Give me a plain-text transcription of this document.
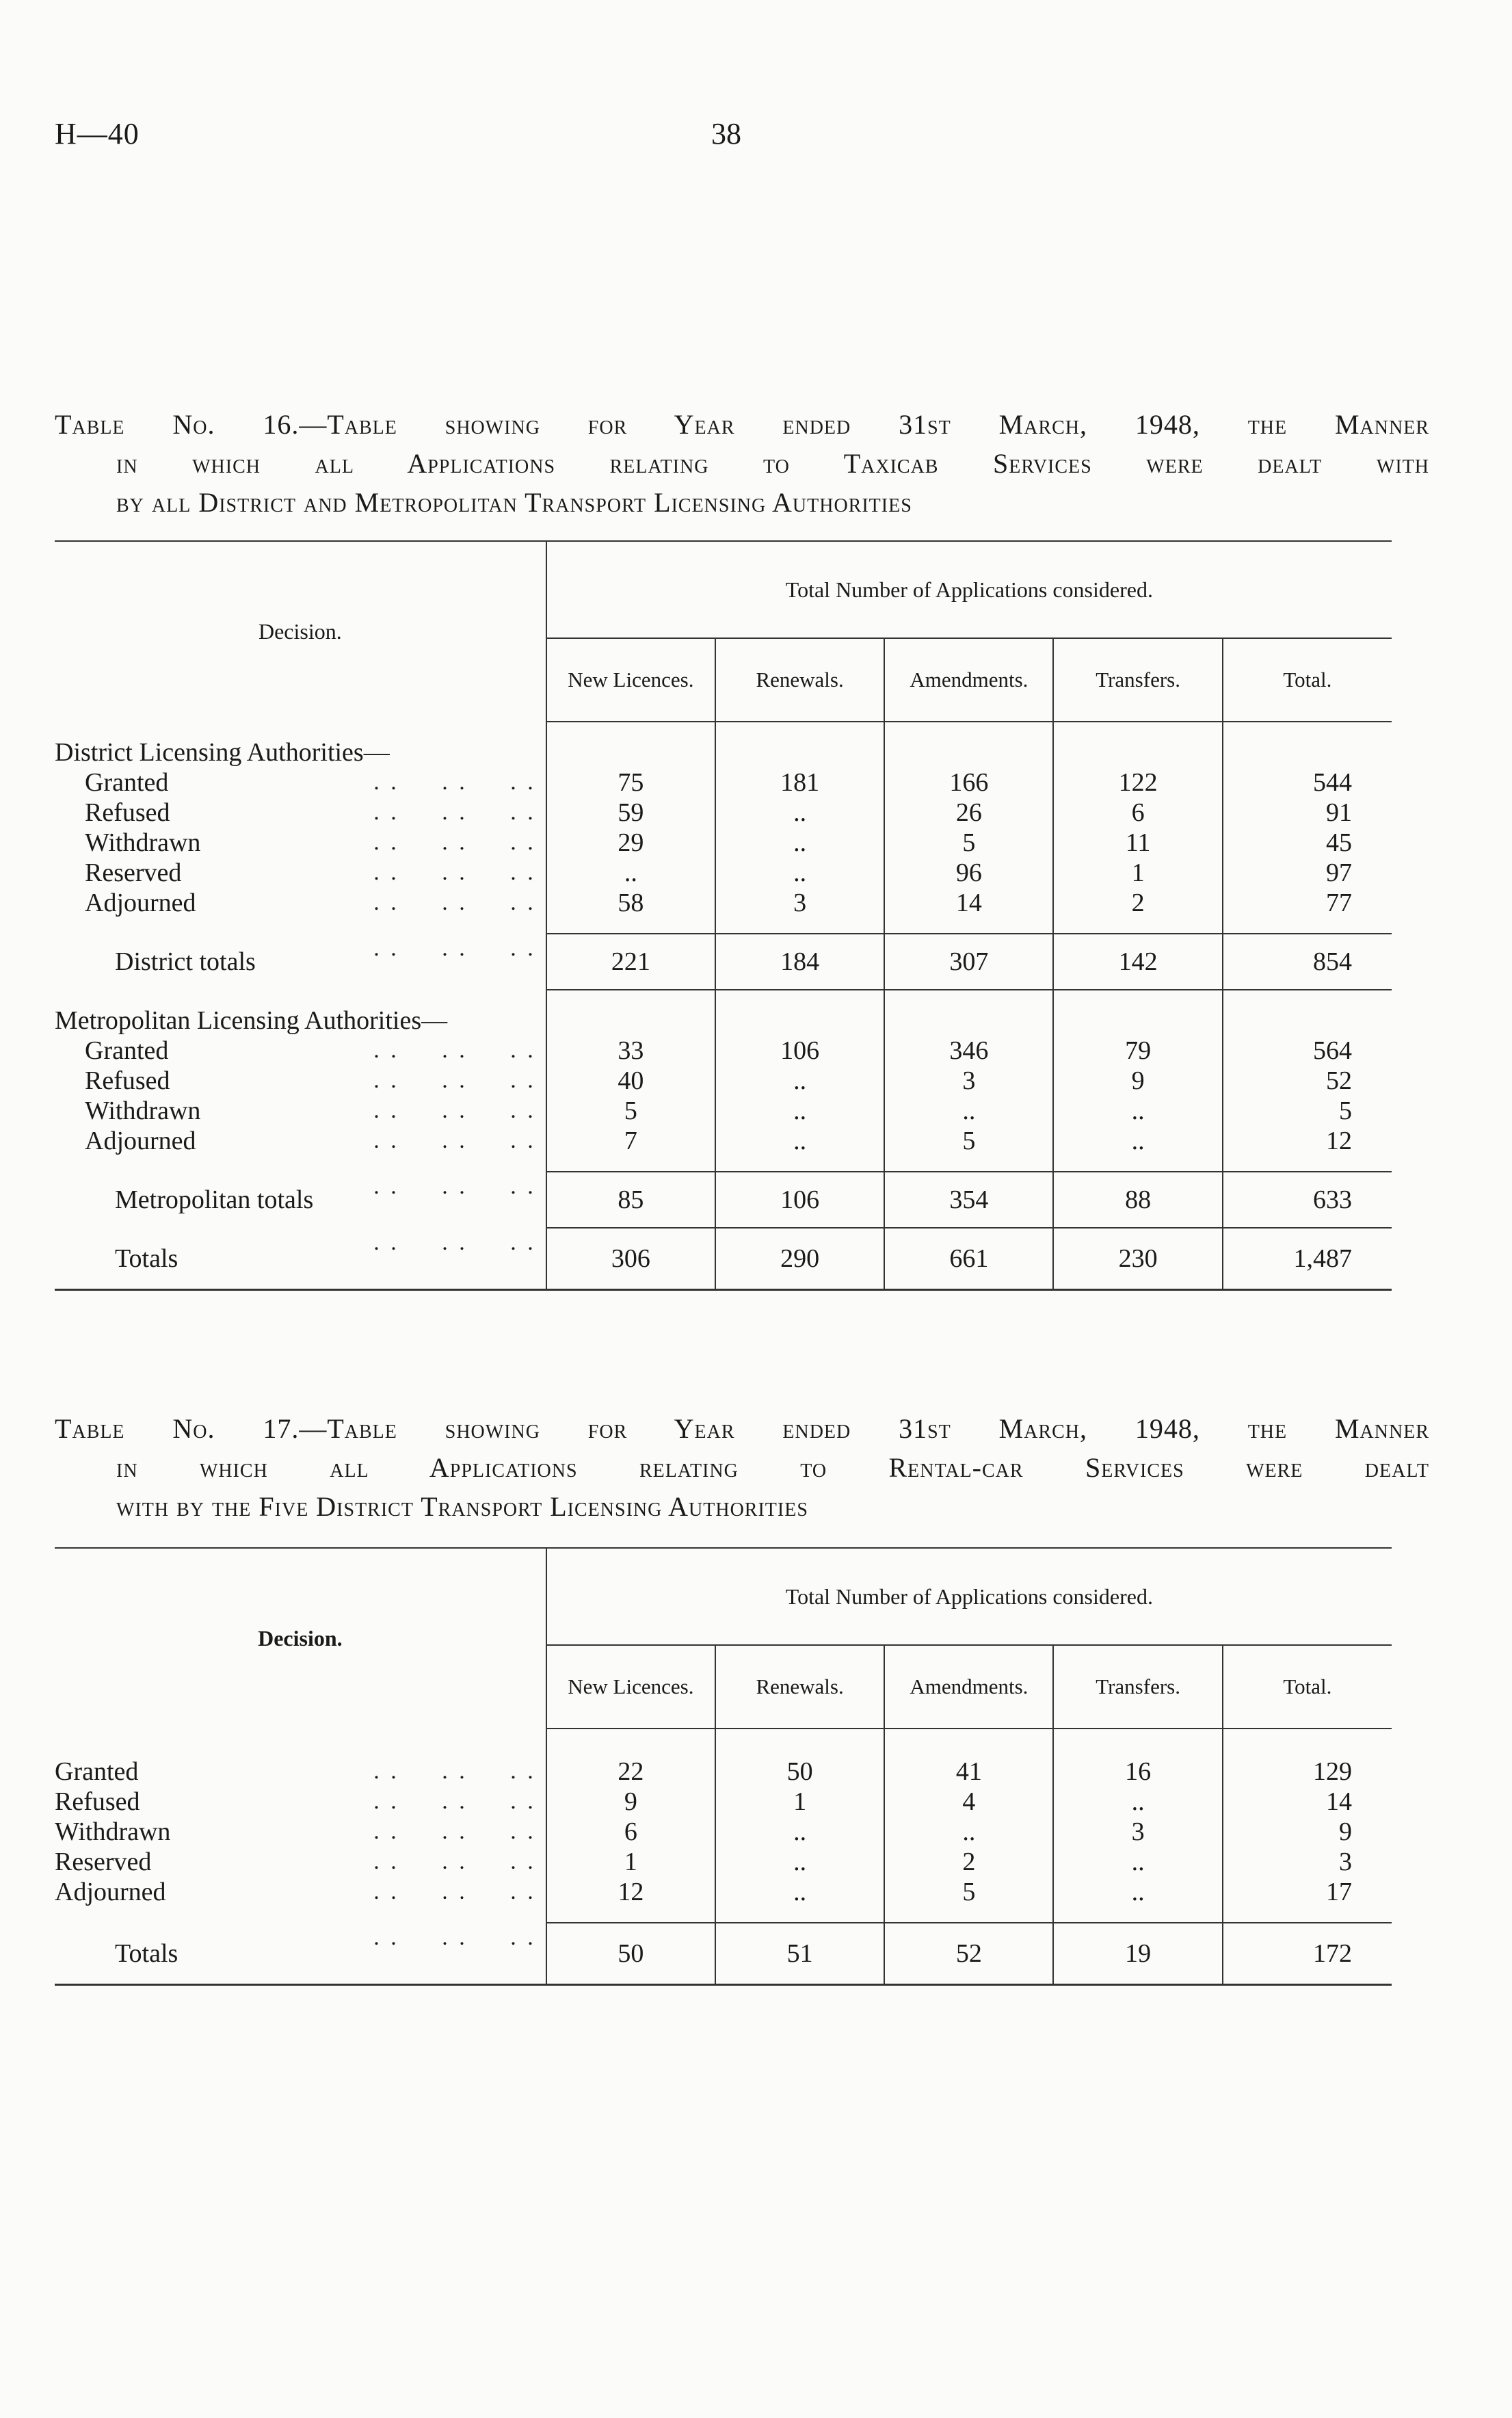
H—40	38
Table No. 16.—Table showing for Year ended 31st March, 1948, the Manner
in which all Applications relating to Taxicab Services were dealt with
by all District and Metropolitan Transport Licensing Authorities

Decision.	Total Number of Applications considered.				
	New Licences.	Renewals.	Amendments.	Transfers.	Total.

District Licensing Authorities—					
Granted . .	75	181	166	122	544
Refused . .	59	..	26	6	91
Withdrawn . .	29	..	5	11	45
Reserved . .	..	..	96	1	97
Adjourned . .	58	3	14	2	77

District totals . .	221	184	307	142	854

Metropolitan Licensing Authorities—					
Granted . .	33	106	346	79	564
Refused . .	40	..	3	9	52
Withdrawn . .	5	..	..	..	5
Adjourned . .	7	..	5	..	12

Metropolitan totals . .	85	106	354	88	633
Totals . .	306	290	661	230	1,487
Table No. 17.—Table showing for Year ended 31st March, 1948, the Manner
in which all Applications relating to Rental-car Services were dealt
with by the Five District Transport Licensing Authorities

Decision.	Total Number of Applications considered.				
	New Licences.	Renewals.	Amendments.	Transfers.	Total.

Granted . .	22	50	41	16	129
Refused . .	9	1	4	..	14
Withdrawn . .	6	..	..	3	9
Reserved . .	1	..	2	..	3
Adjourned . .	12	..	5	..	17

Totals . .	50	51	52	19	172
